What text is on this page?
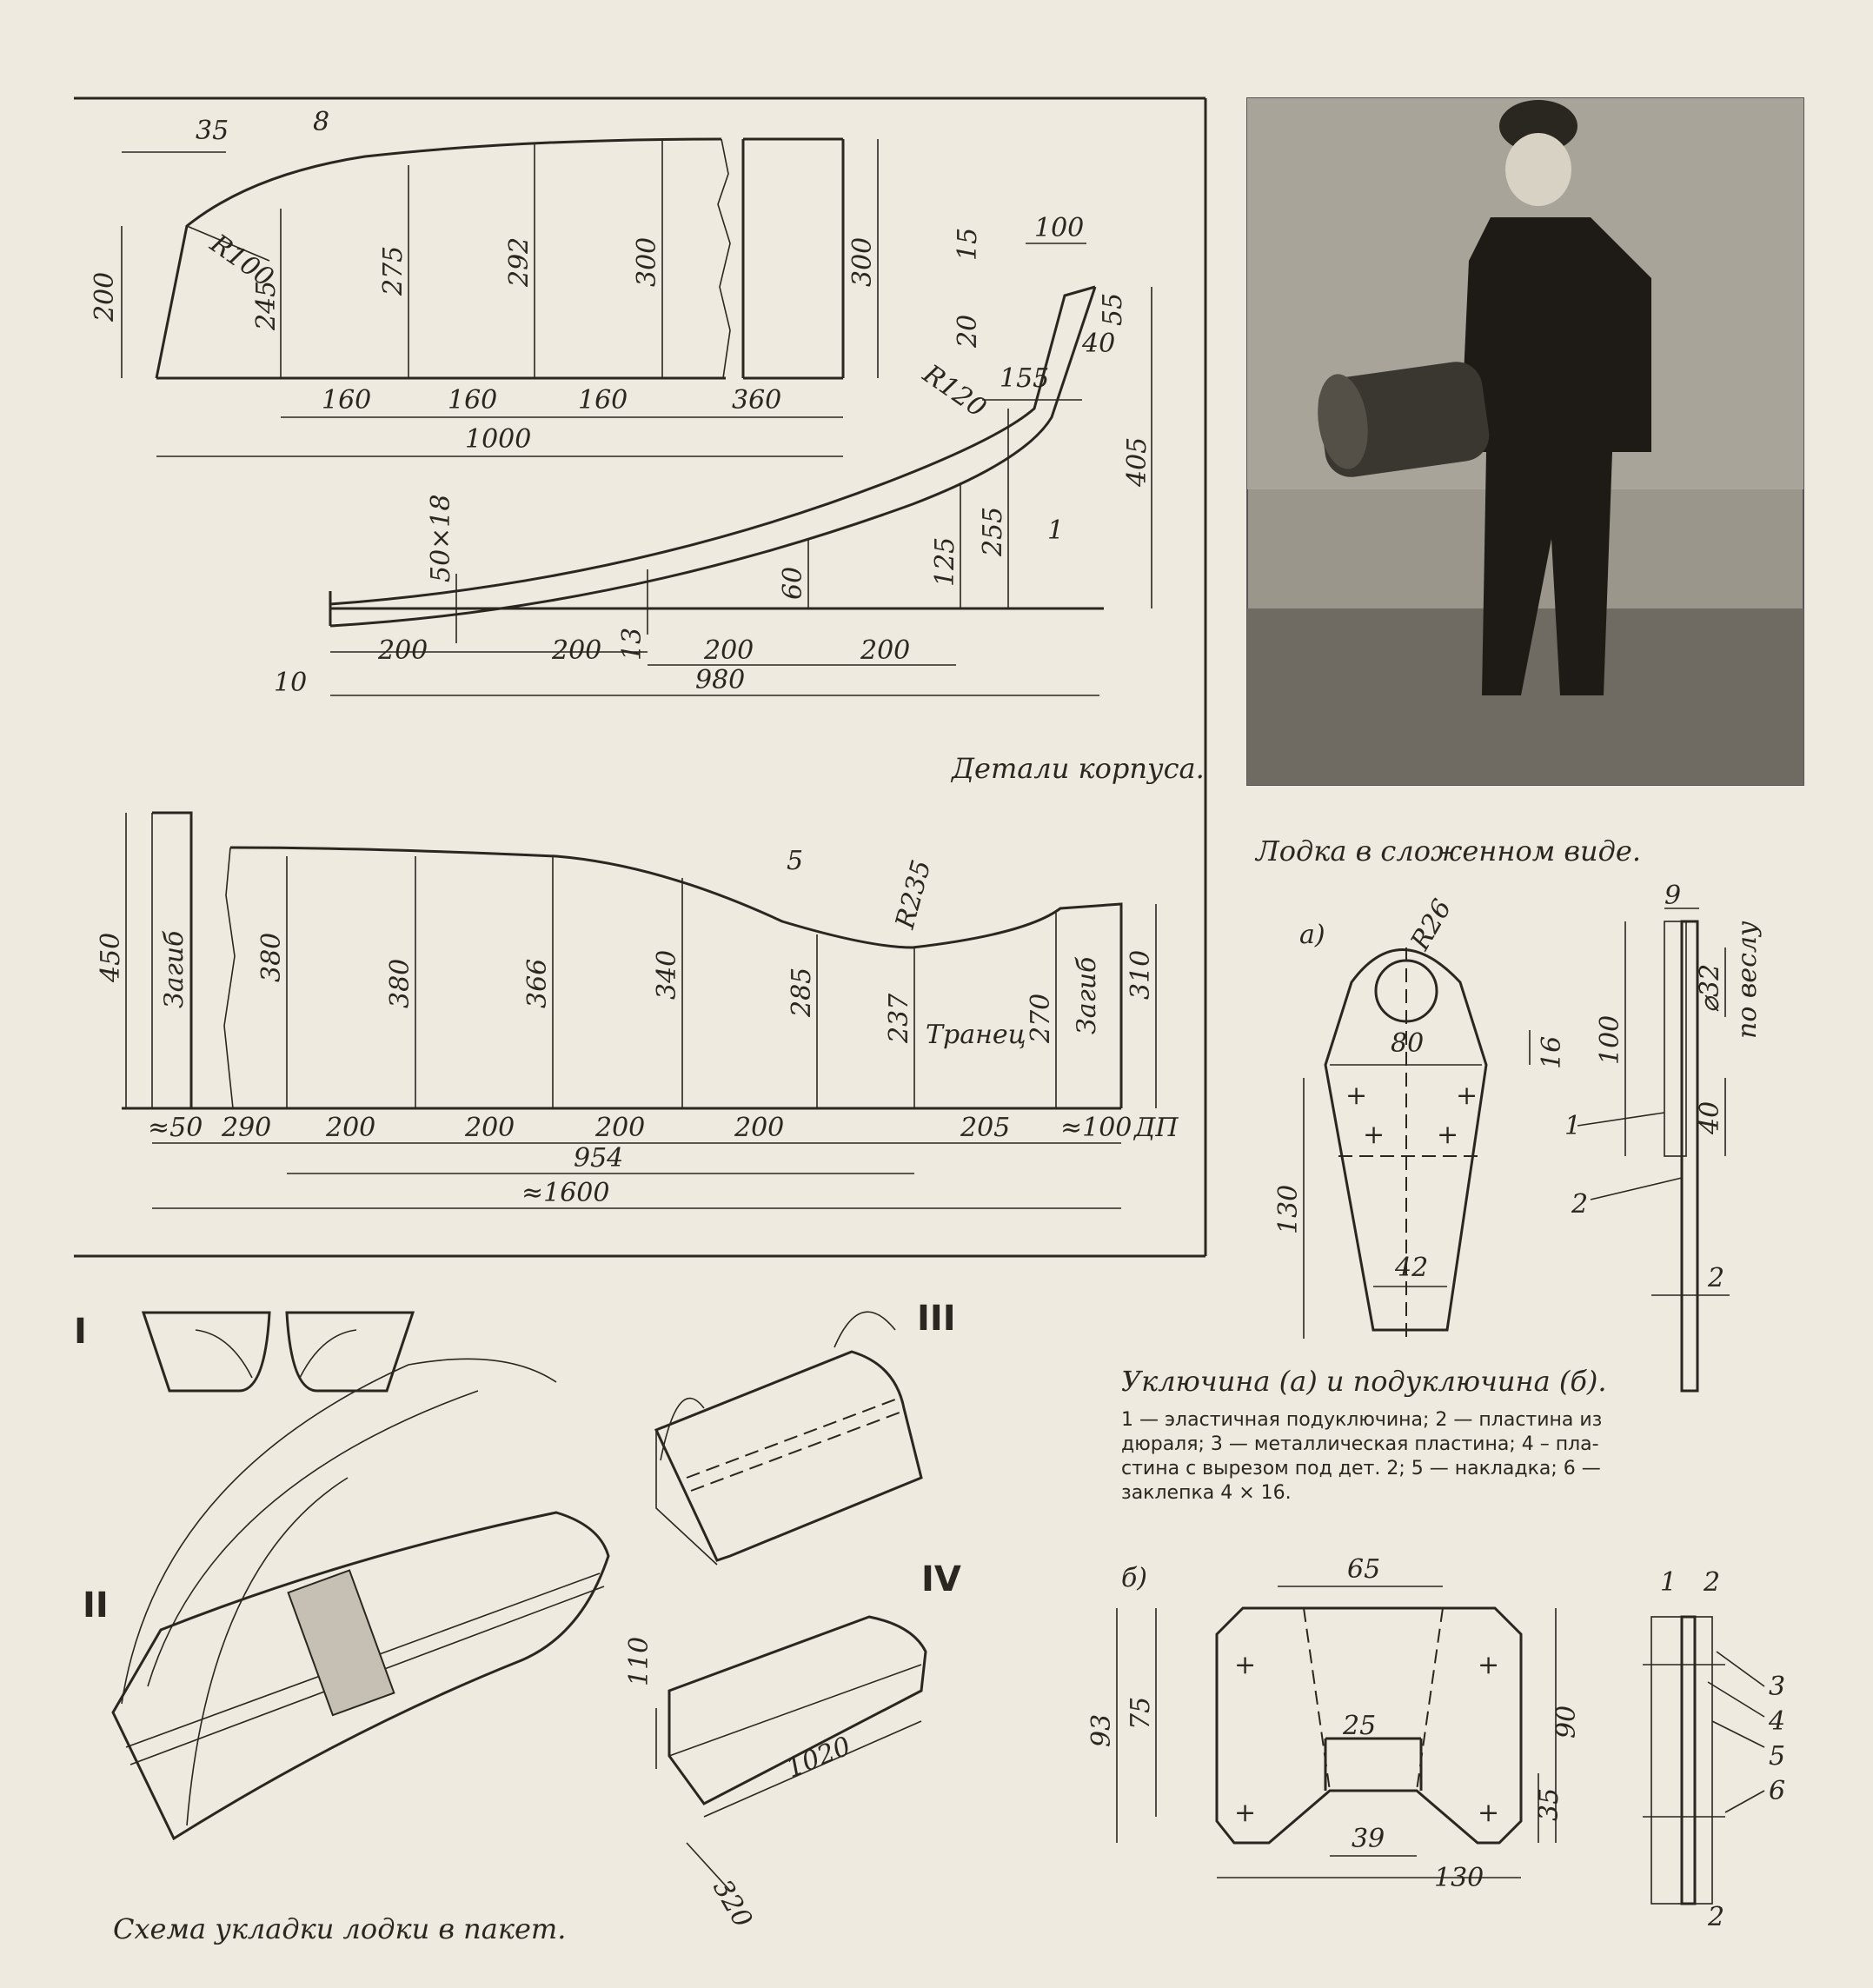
8
R100
35
200	245
275	292	300	300
160	160	160	360
1000
1
R120
100
15
20
55
40
155
405
255
125
60
13
50×18
10
200	200	200	200
980
Детали корпуса.
5	R235
Загиб	Загиб
Транец
ДП
450	380
380	366	340	285
237	270
310
≈50 290 200	200	200	200	205 ≈100
954
≈1600
Лодка в сложенном виде.
+	+
+ +
а)	R26
80	16
130
42
9
⌀32 по веслу
100
40
2
1
2
Уключина (а) и подуключина (б).
1 — эластичная подуключина; 2 — пластина из
дюраля; 3 — металлическая пластина; 4 – пла-
стина с вырезом под дет. 2; 5 — накладка; 6 —
заклепка 4 × 16.
+	+
+	+
б)	65
25
93
75	90
35
39
130
1 2
2
3
4
5
6
I
II
III
IV
110
1020
320
Схема укладки лодки в пакет.
